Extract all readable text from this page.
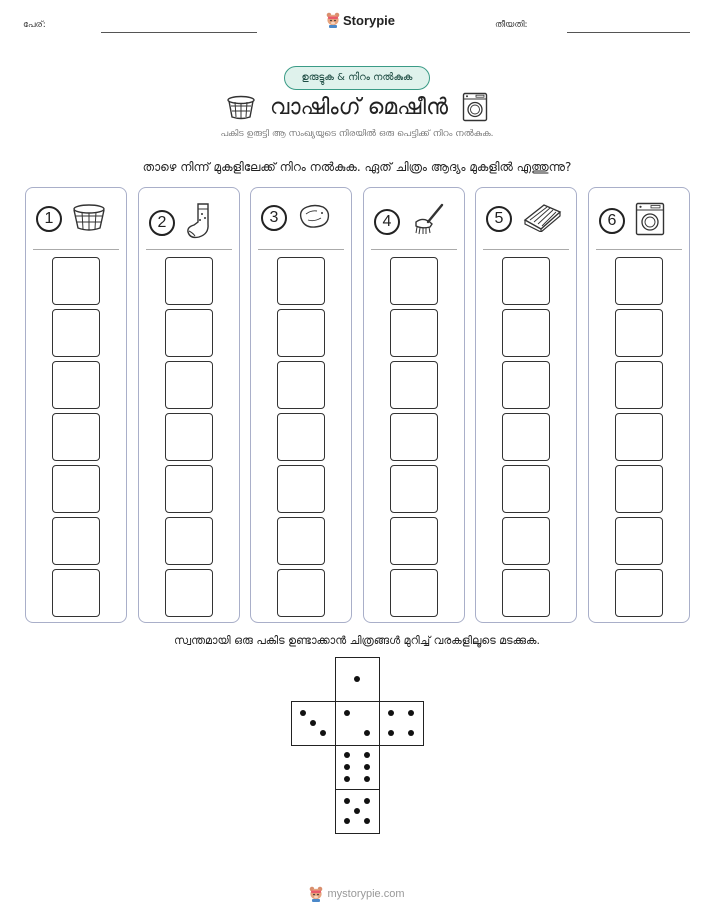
പേര്:	Storypie	തീയതി:
ഉരുട്ടുക & നിറം നൽകുക
വാഷിംഗ് മെഷീൻ
പകിട ഉരുട്ടി ആ സംഖ്യയുടെ നിരയിൽ ഒരു പെട്ടിക്ക് നിറം നൽകുക.
താഴെ നിന്ന് മുകളിലേക്ക് നിറം നൽകുക. ഏത് ചിത്രം ആദ്യം മുകളിൽ എത്തുന്നു?
1	2	3	4	5	6
സ്വന്തമായി ഒരു പകിട ഉണ്ടാക്കാൻ ചിത്രങ്ങൾ മുറിച്ച് വരകളിലൂടെ മടക്കുക.
mystorypie.com
